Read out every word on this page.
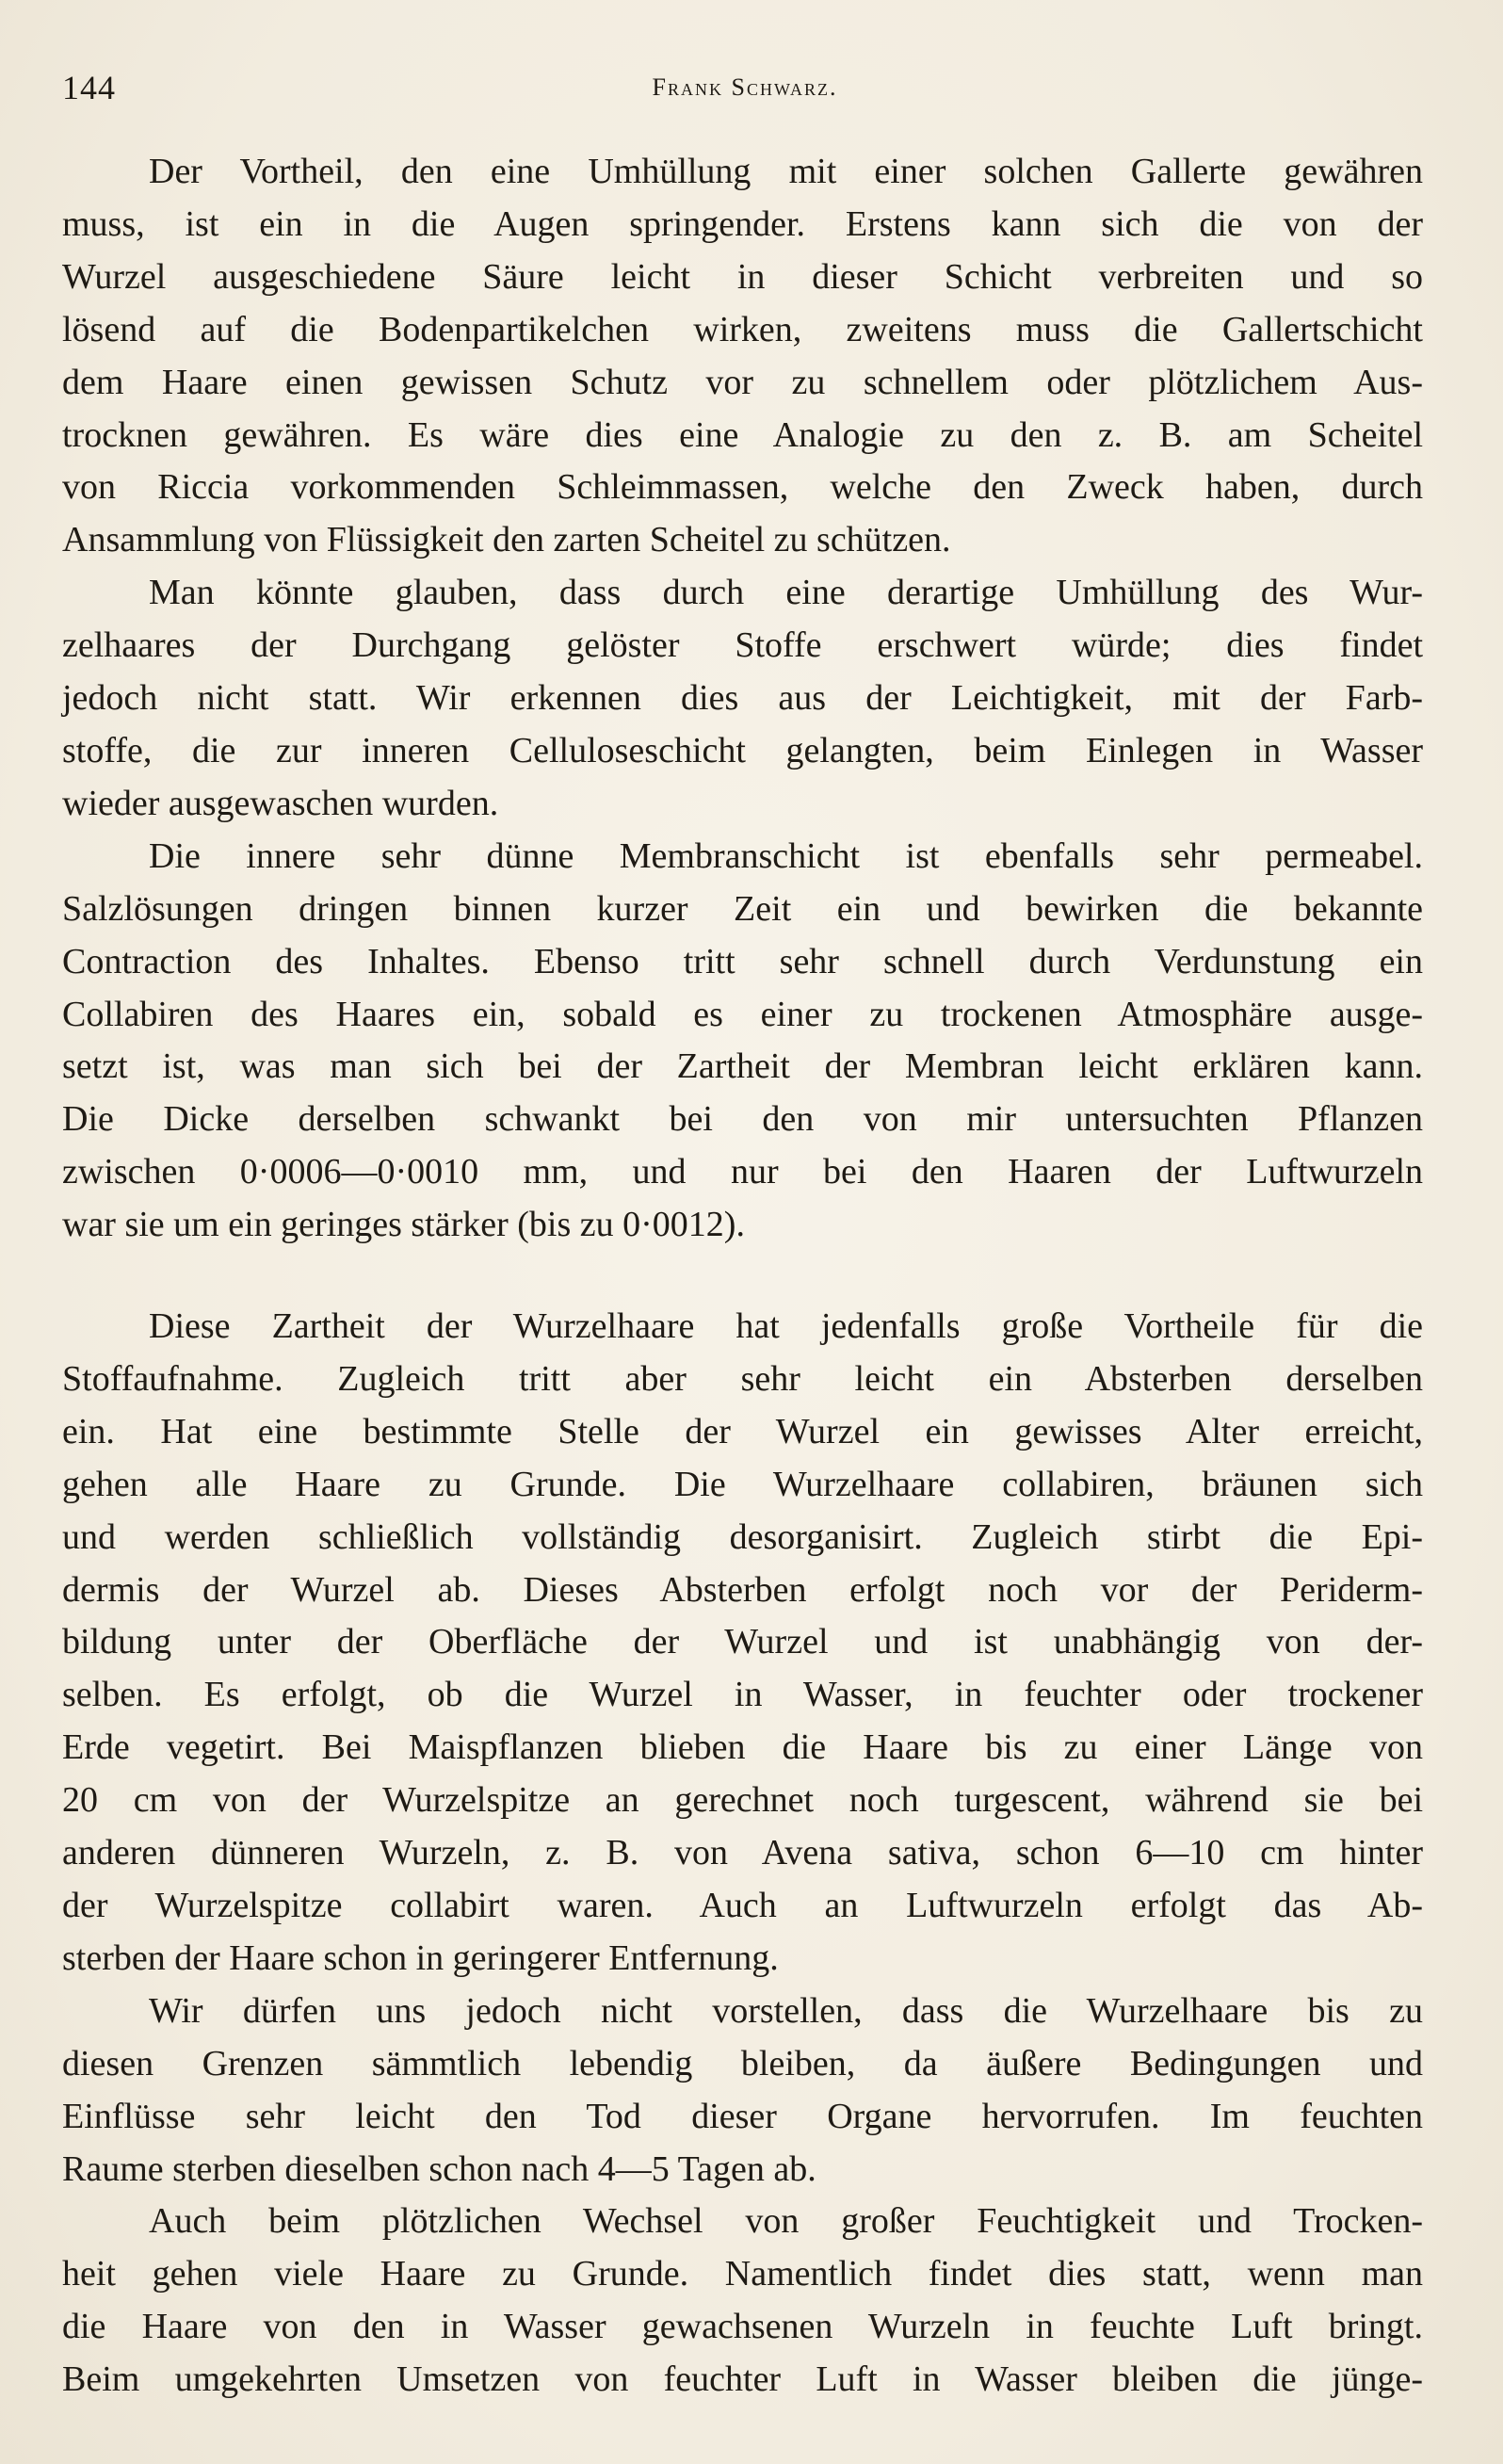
144	Frank Schwarz.
Der Vortheil, den eine Umhüllung mit einer solchen Gallerte gewähren
muss, ist ein in die Augen springender. Erstens kann sich die von der
Wurzel ausgeschiedene Säure leicht in dieser Schicht verbreiten und so
lösend auf die Bodenpartikelchen wirken, zweitens muss die Gallertschicht
dem Haare einen gewissen Schutz vor zu schnellem oder plötzlichem Aus-
trocknen gewähren. Es wäre dies eine Analogie zu den z. B. am Scheitel
von Riccia vorkommenden Schleimmassen, welche den Zweck haben, durch
Ansammlung von Flüssigkeit den zarten Scheitel zu schützen.
Man könnte glauben, dass durch eine derartige Umhüllung des Wur-
zelhaares der Durchgang gelöster Stoffe erschwert würde; dies findet
jedoch nicht statt. Wir erkennen dies aus der Leichtigkeit, mit der Farb-
stoffe, die zur inneren Celluloseschicht gelangten, beim Einlegen in Wasser
wieder ausgewaschen wurden.
Die innere sehr dünne Membranschicht ist ebenfalls sehr permeabel.
Salzlösungen dringen binnen kurzer Zeit ein und bewirken die bekannte
Contraction des Inhaltes. Ebenso tritt sehr schnell durch Verdunstung ein
Collabiren des Haares ein, sobald es einer zu trockenen Atmosphäre ausge-
setzt ist, was man sich bei der Zartheit der Membran leicht erklären kann.
Die Dicke derselben schwankt bei den von mir untersuchten Pflanzen
zwischen 0·0006—0·0010 mm, und nur bei den Haaren der Luftwurzeln
war sie um ein geringes stärker (bis zu 0·0012).
Diese Zartheit der Wurzelhaare hat jedenfalls große Vortheile für die
Stoffaufnahme. Zugleich tritt aber sehr leicht ein Absterben derselben
ein. Hat eine bestimmte Stelle der Wurzel ein gewisses Alter erreicht,
gehen alle Haare zu Grunde. Die Wurzelhaare collabiren, bräunen sich
und werden schließlich vollständig desorganisirt. Zugleich stirbt die Epi-
dermis der Wurzel ab. Dieses Absterben erfolgt noch vor der Periderm-
bildung unter der Oberfläche der Wurzel und ist unabhängig von der-
selben. Es erfolgt, ob die Wurzel in Wasser, in feuchter oder trockener
Erde vegetirt. Bei Maispflanzen blieben die Haare bis zu einer Länge von
20 cm von der Wurzelspitze an gerechnet noch turgescent, während sie bei
anderen dünneren Wurzeln, z. B. von Avena sativa, schon 6—10 cm hinter
der Wurzelspitze collabirt waren. Auch an Luftwurzeln erfolgt das Ab-
sterben der Haare schon in geringerer Entfernung.
Wir dürfen uns jedoch nicht vorstellen, dass die Wurzelhaare bis zu
diesen Grenzen sämmtlich lebendig bleiben, da äußere Bedingungen und
Einflüsse sehr leicht den Tod dieser Organe hervorrufen. Im feuchten
Raume sterben dieselben schon nach 4—5 Tagen ab.
Auch beim plötzlichen Wechsel von großer Feuchtigkeit und Trocken-
heit gehen viele Haare zu Grunde. Namentlich findet dies statt, wenn man
die Haare von den in Wasser gewachsenen Wurzeln in feuchte Luft bringt.
Beim umgekehrten Umsetzen von feuchter Luft in Wasser bleiben die jünge-
